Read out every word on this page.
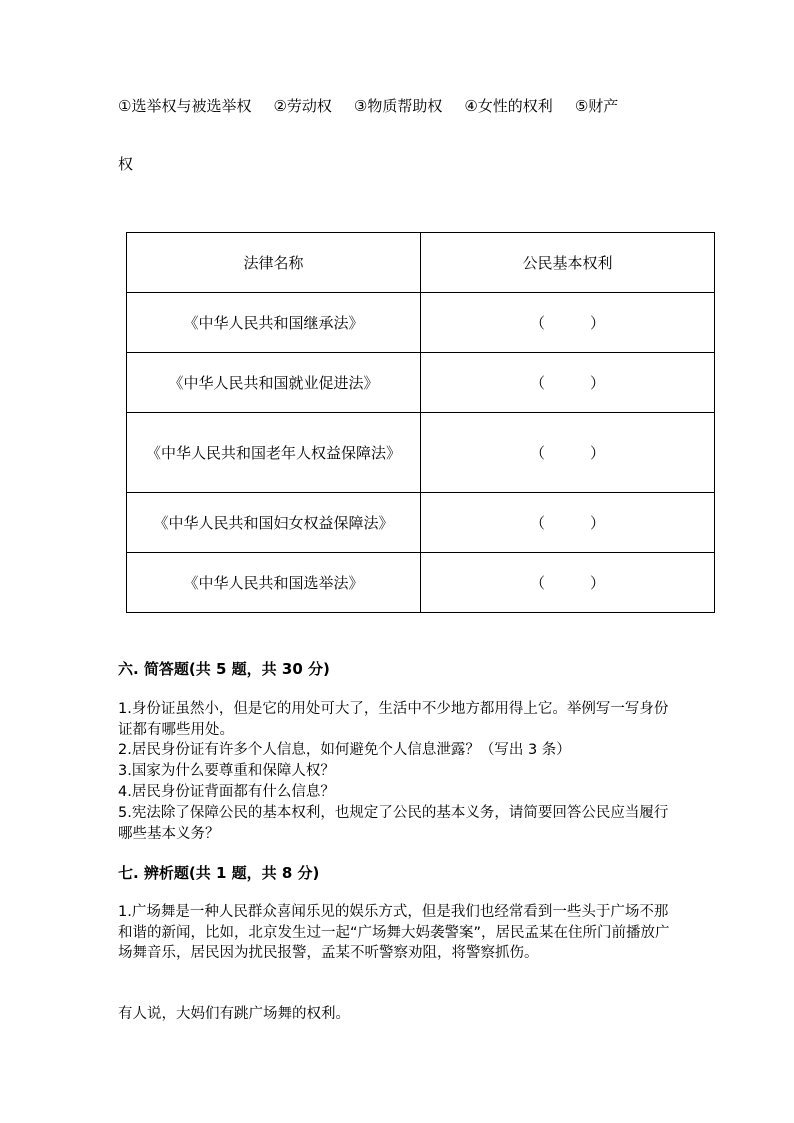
①选举权与被选举权 ②劳动权 ③物质帮助权 ④女性的权利 ⑤财产
权
法律名称	公民基本权利
《中华人民共和国继承法》	（　　　）
《中华人民共和国就业促进法》	（　　　）
《中华人民共和国老年人权益保障法》	（　　　）
《中华人民共和国妇女权益保障法》	（　　　）
《中华人民共和国选举法》	（　　　）
六. 简答题(共 5 题，共 30 分)
1.身份证虽然小，但是它的用处可大了，生活中不少地方都用得上它。举例写一写身份证都有哪些用处。
2.居民身份证有许多个人信息，如何避免个人信息泄露？（写出 3 条）
3.国家为什么要尊重和保障人权？
4.居民身份证背面都有什么信息？
5.宪法除了保障公民的基本权利，也规定了公民的基本义务，请简要回答公民应当履行哪些基本义务？
七. 辨析题(共 1 题，共 8 分)
1.广场舞是一种人民群众喜闻乐见的娱乐方式，但是我们也经常看到一些头于广场不那和谐的新闻，比如，北京发生过一起“广场舞大妈袭警案”，居民孟某在住所门前播放广场舞音乐，居民因为扰民报警，孟某不听警察劝阻，将警察抓伤。
有人说，大妈们有跳广场舞的权利。
